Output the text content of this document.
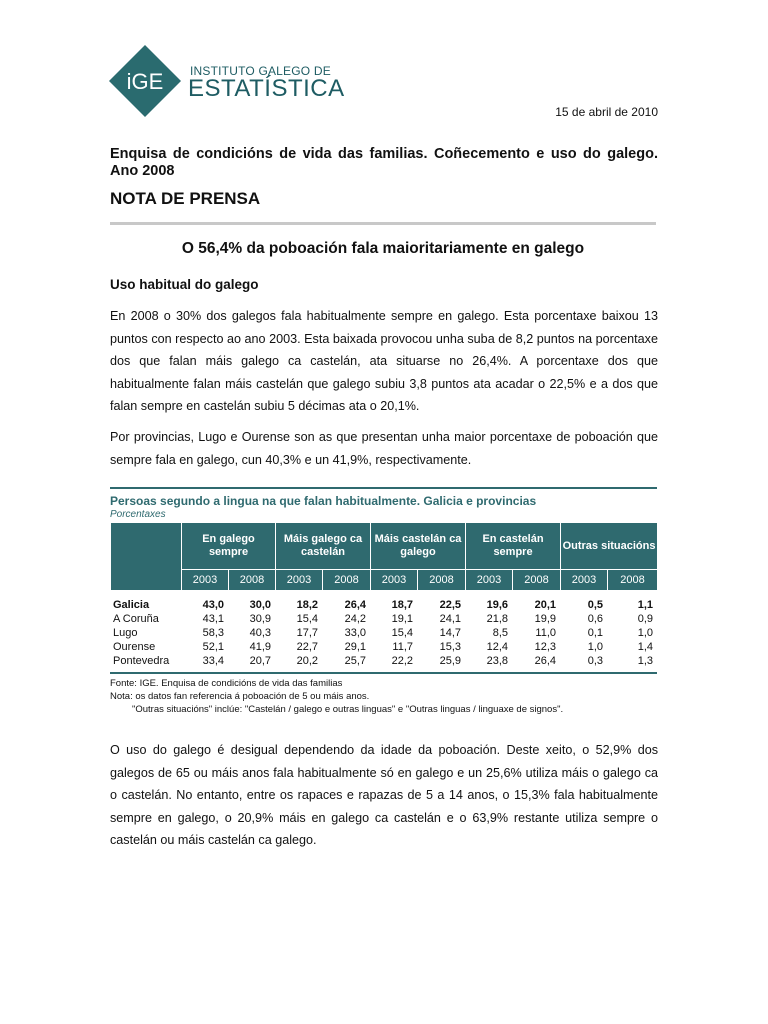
iGE INSTITUTO GALEGO DE
ESTATÍSTICA
15 de abril de 2010
Enquisa de condicións de vida das familias. Coñecemento e uso do galego. Ano 2008
NOTA DE PRENSA
O 56,4% da poboación fala maioritariamente en galego
Uso habitual do galego
En 2008 o 30% dos galegos fala habitualmente sempre en galego. Esta porcentaxe baixou 13 puntos con respecto ao ano 2003. Esta baixada provocou unha suba de 8,2 puntos na porcentaxe dos que falan máis galego ca castelán, ata situarse no 26,4%. A porcentaxe dos que habitualmente falan máis castelán que galego subiu 3,8 puntos ata acadar o 22,5% e a dos que falan sempre en castelán subiu 5 décimas ata o 20,1%.
Por provincias, Lugo e Ourense son as que presentan unha maior porcentaxe de poboación que sempre fala en galego, cun 40,3% e un 41,9%, respectivamente.
Persoas segundo a lingua na que falan habitualmente. Galicia e provincias
Porcentaxes
	En galego sempre		Máis galego ca castelán		Máis castelán ca galego		En castelán sempre		Outras situacións	
	2003	2008	2003	2008	2003	2008	2003	2008	2003	2008

Galicia	43,0	30,0	18,2	26,4	18,7	22,5	19,6	20,1	0,5	1,1
A Coruña	43,1	30,9	15,4	24,2	19,1	24,1	21,8	19,9	0,6	0,9
Lugo	58,3	40,3	17,7	33,0	15,4	14,7	8,5	11,0	0,1	1,0
Ourense	52,1	41,9	22,7	29,1	11,7	15,3	12,4	12,3	1,0	1,4
Pontevedra	33,4	20,7	20,2	25,7	22,2	25,9	23,8	26,4	0,3	1,3
Fonte: IGE. Enquisa de condicións de vida das familias
Nota: os datos fan referencia á poboación de 5 ou máis anos.
"Outras situacións" inclúe: "Castelán / galego e outras linguas" e "Outras linguas / linguaxe de signos".
O uso do galego é desigual dependendo da idade da poboación. Deste xeito, o 52,9% dos galegos de 65 ou máis anos fala habitualmente só en galego e un 25,6% utiliza máis o galego ca o castelán. No entanto, entre os rapaces e rapazas de 5 a 14 anos, o 15,3% fala habitualmente sempre en galego, o 20,9% máis en galego ca castelán e o 63,9% restante utiliza sempre o castelán ou máis castelán ca galego.
